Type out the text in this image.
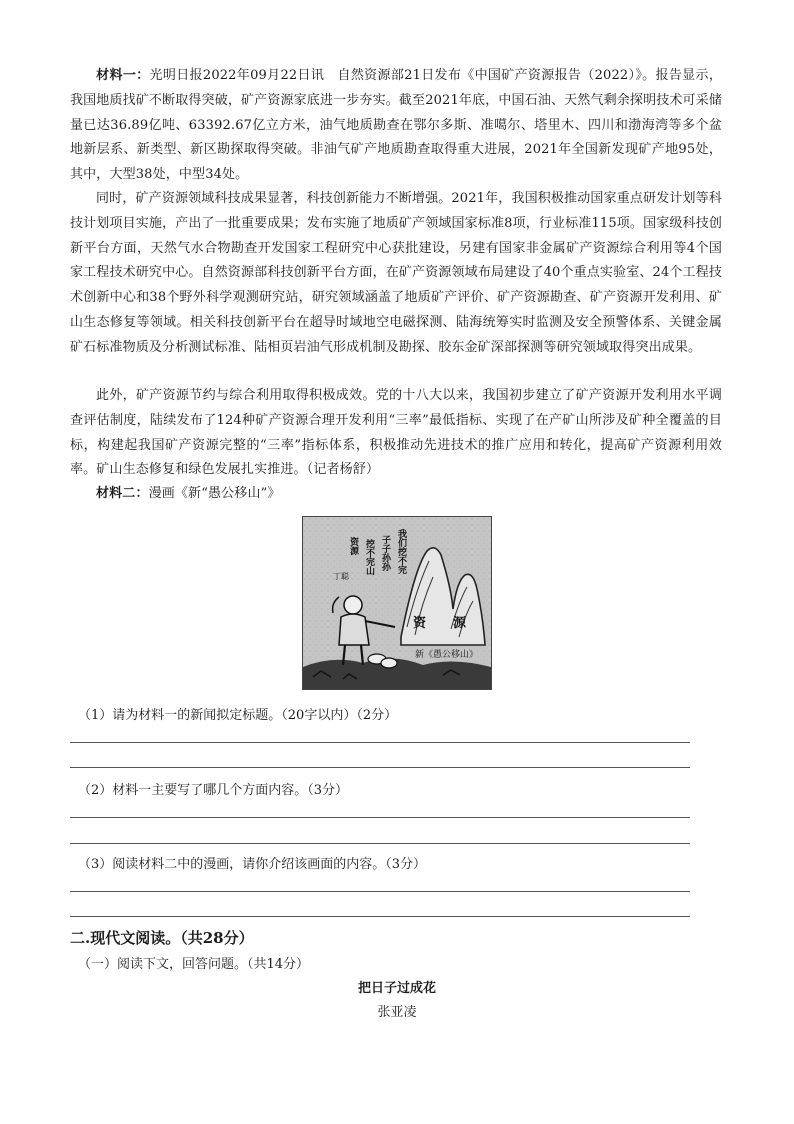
材料一：光明日报2022年09月22日讯　自然资源部21日发布《中国矿产资源报告（2022）》。报告显示，我国地质找矿不断取得突破，矿产资源家底进一步夯实。截至2021年底，中国石油、天然气剩余探明技术可采储量已达36.89亿吨、63392.67亿立方米，油气地质勘查在鄂尔多斯、准噶尔、塔里木、四川和渤海湾等多个盆地新层系、新类型、新区勘探取得突破。非油气矿产地质勘查取得重大进展，2021年全国新发现矿产地95处，其中，大型38处，中型34处。

同时，矿产资源领域科技成果显著，科技创新能力不断增强。2021年，我国积极推动国家重点研发计划等科技计划项目实施，产出了一批重要成果；发布实施了地质矿产领域国家标准8项，行业标准115项。国家级科技创新平台方面，天然气水合物勘查开发国家工程研究中心获批建设，另建有国家非金属矿产资源综合利用等4个国家工程技术研究中心。自然资源部科技创新平台方面，在矿产资源领域布局建设了40个重点实验室、24个工程技术创新中心和38个野外科学观测研究站，研究领域涵盖了地质矿产评价、矿产资源勘查、矿产资源开发利用、矿山生态修复等领域。相关科技创新平台在超导时域地空电磁探测、陆海统筹实时监测及安全预警体系、关键金属矿石标准物质及分析测试标准、陆相页岩油气形成机制及勘探、胶东金矿深部探测等研究领域取得突出成果。

此外，矿产资源节约与综合利用取得积极成效。党的十八大以来，我国初步建立了矿产资源开发利用水平调查评估制度，陆续发布了124种矿产资源合理开发利用“三率”最低指标、实现了在产矿山所涉及矿种全覆盖的目标，构建起我国矿产资源完整的“三率”指标体系，积极推动先进技术的推广应用和转化，提高矿产资源利用效率。矿山生态修复和绿色发展扎实推进。（记者杨舒）

材料二：漫画《新“愚公移山”》

资 源
新《愚公移山》
我们挖不完
子子孙孙
挖不完山
资源
丁聪

（1）请为材料一的新闻拟定标题。（20字以内）（2分）

（2）材料一主要写了哪几个方面内容。（3分）

（3）阅读材料二中的漫画，请你介绍该画面的内容。（3分）

二.现代文阅读。（共28分）

（一）阅读下文，回答问题。（共14分）

把日子过成花

张亚凌
